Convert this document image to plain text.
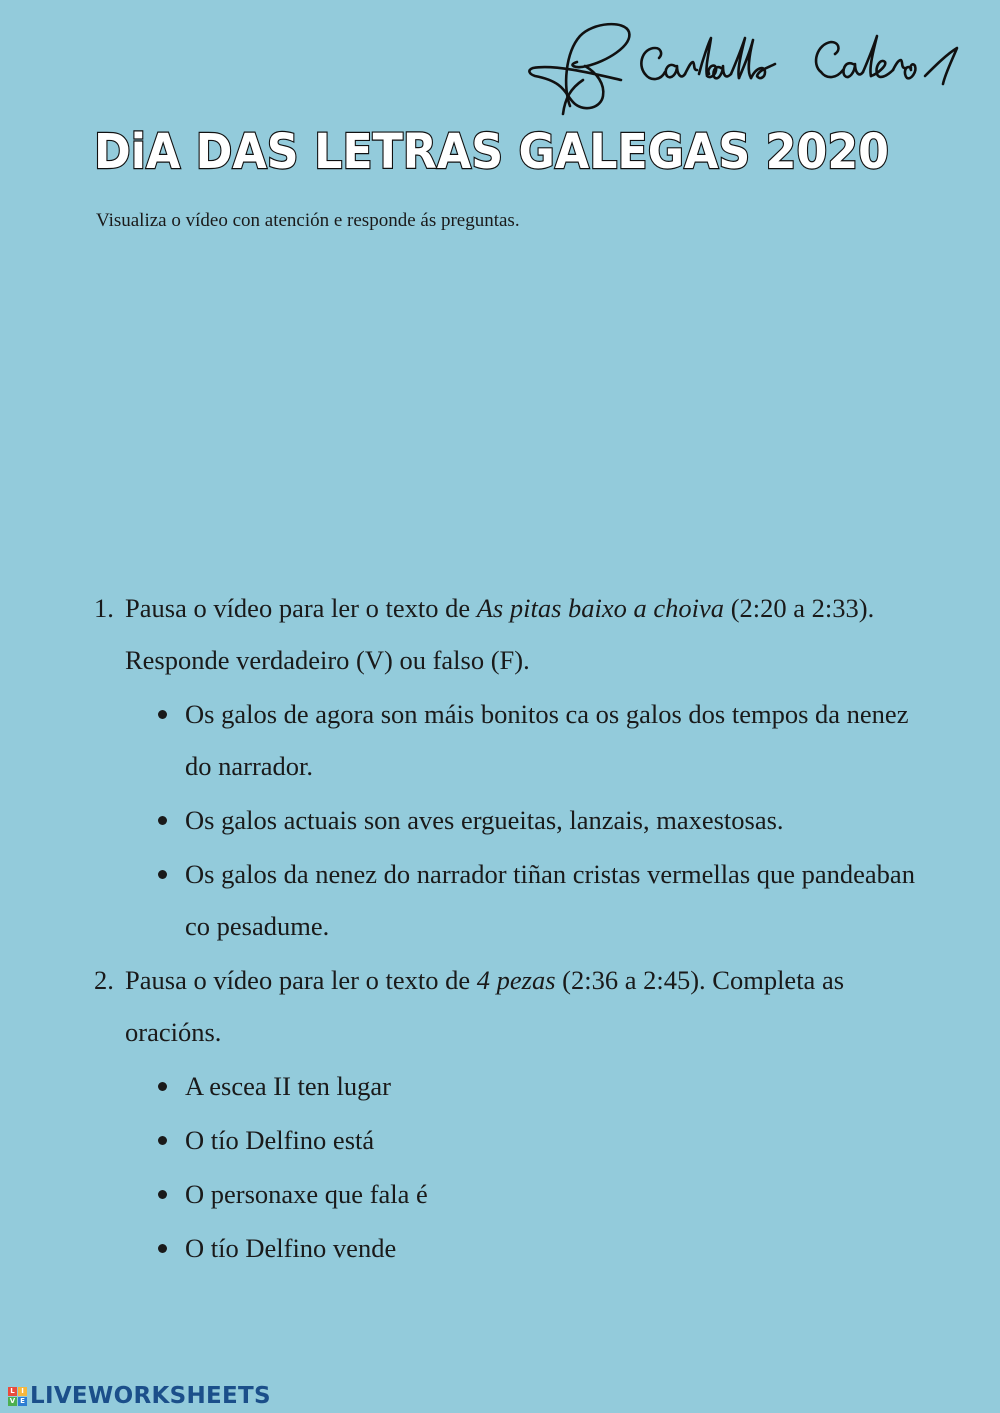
DiA DAS LETRAS GALEGAS 2020
Visualiza o vídeo con atención e responde ás preguntas.
1. Pausa o vídeo para ler o texto de As pitas baixo a choiva (2:20 a 2:33). Responde verdadeiro (V) ou falso (F).
Os galos de agora son máis bonitos ca os galos dos tempos da nenez do narrador.
Os galos actuais son aves ergueitas, lanzais, maxestosas.
Os galos da nenez do narrador tiñan cristas vermellas que pandeaban co pesadume.
2. Pausa o vídeo para ler o texto de 4 pezas (2:36 a 2:45). Completa as oracións.
A escea II ten lugar
O tío Delfino está
O personaxe que fala é
O tío Delfino vende
L I
V E LIVEWORKSHEETS
